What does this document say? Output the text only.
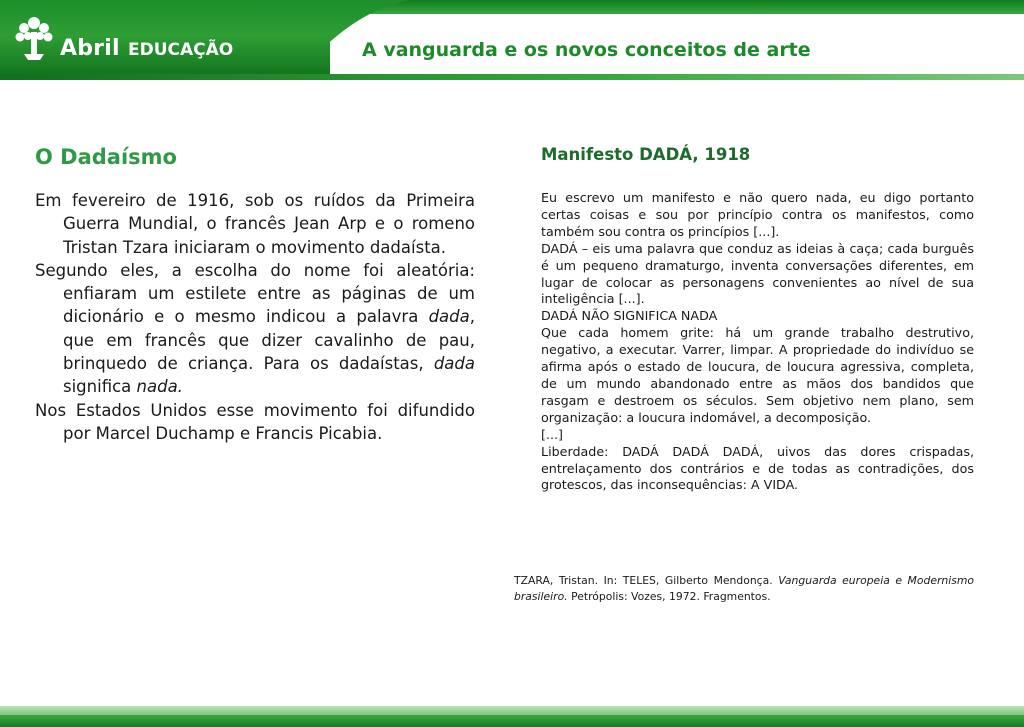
Abril EDUCAÇÃO	A vanguarda e os novos conceitos de arte
O Dadaísmo

Em fevereiro de 1916, sob os ruídos da Primeira Guerra Mundial, o francês Jean Arp e o romeno Tristan Tzara iniciaram o movimento dadaísta.

Segundo eles, a escolha do nome foi aleatória: enfiaram um estilete entre as páginas de um dicionário e o mesmo indicou a palavra dada, que em francês que dizer cavalinho de pau, brinquedo de criança. Para os dadaístas, dada significa nada.

Nos Estados Unidos esse movimento foi difundido por Marcel Duchamp e Francis Picabia.

Manifesto DADÁ, 1918

Eu escrevo um manifesto e não quero nada, eu digo portanto certas coisas e sou por princípio contra os manifestos, como também sou contra os princípios [...].

DADÁ – eis uma palavra que conduz as ideias à caça; cada burguês é um pequeno dramaturgo, inventa conversações diferentes, em lugar de colocar as personagens convenientes ao nível de sua inteligência [...].

DADÁ NÃO SIGNIFICA NADA

Que cada homem grite: há um grande trabalho destrutivo, negativo, a executar. Varrer, limpar. A propriedade do indivíduo se afirma após o estado de loucura, de loucura agressiva, completa, de um mundo abandonado entre as mãos dos bandidos que rasgam e destroem os séculos. Sem objetivo nem plano, sem organização: a loucura indomável, a decomposição.

[...]

Liberdade: DADÁ DADÁ DADÁ, uivos das dores crispadas, entrelaçamento dos contrários e de todas as contradições, dos grotescos, das inconsequências: A VIDA.

TZARA, Tristan. In: TELES, Gilberto Mendonça. Vanguarda europeia e Modernismo brasileiro. Petrópolis: Vozes, 1972. Fragmentos.
